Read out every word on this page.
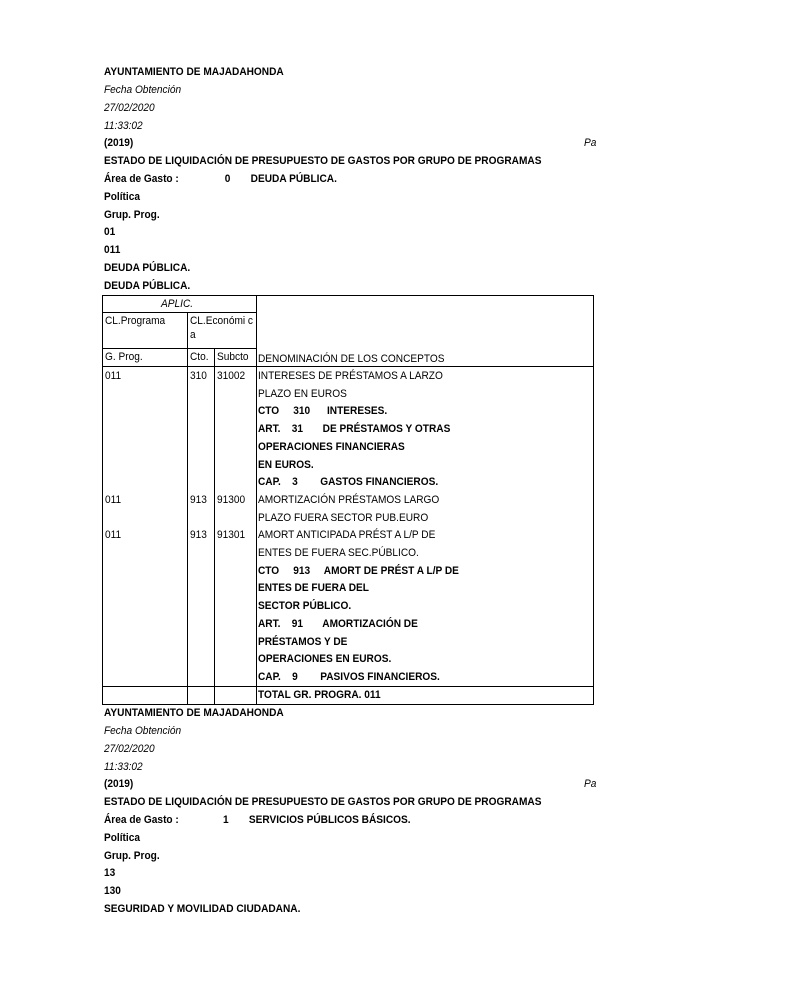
AYUNTAMIENTO DE MAJADAHONDA
Fecha Obtención
27/02/2020
11:33:02
(2019)	Pa
ESTADO DE LIQUIDACIÓN DE PRESUPUESTO DE GASTOS POR GRUPO DE PROGRAMAS
Área de Gasto :	0 DEUDA PÚBLICA.
Política
Grup. Prog.
01
011
DEUDA PÚBLICA.
DEUDA PÚBLICA.
APLIC.
CL.Programa CL.Económi ca
G. Prog.	Cto. Subcto DENOMINACIÓN DE LOS CONCEPTOS
011	310 31002 INTERESES DE PRÉSTAMOS A LARZO
PLAZO EN EUROS
CTO     310      INTERESES.
ART.    31       DE PRÉSTAMOS Y OTRAS
OPERACIONES FINANCIERAS
EN EUROS.
CAP.    3        GASTOS FINANCIEROS.
011	913 91300 AMORTIZACIÓN PRÉSTAMOS LARGO
PLAZO FUERA SECTOR PUB.EURO
011	913 91301 AMORT ANTICIPADA PRÉST A L/P DE
ENTES DE FUERA SEC.PÚBLICO.
CTO     913     AMORT DE PRÉST A L/P DE
ENTES DE FUERA DEL
SECTOR PÚBLICO.
ART.    91       AMORTIZACIÓN DE
PRÉSTAMOS Y DE
OPERACIONES EN EUROS.
CAP.    9        PASIVOS FINANCIEROS.
TOTAL GR. PROGRA. 011
AYUNTAMIENTO DE MAJADAHONDA
Fecha Obtención
27/02/2020
11:33:02
(2019)	Pa
ESTADO DE LIQUIDACIÓN DE PRESUPUESTO DE GASTOS POR GRUPO DE PROGRAMAS
Área de Gasto :	1 SERVICIOS PÚBLICOS BÁSICOS.
Política
Grup. Prog.
13
130
SEGURIDAD Y MOVILIDAD CIUDADANA.
